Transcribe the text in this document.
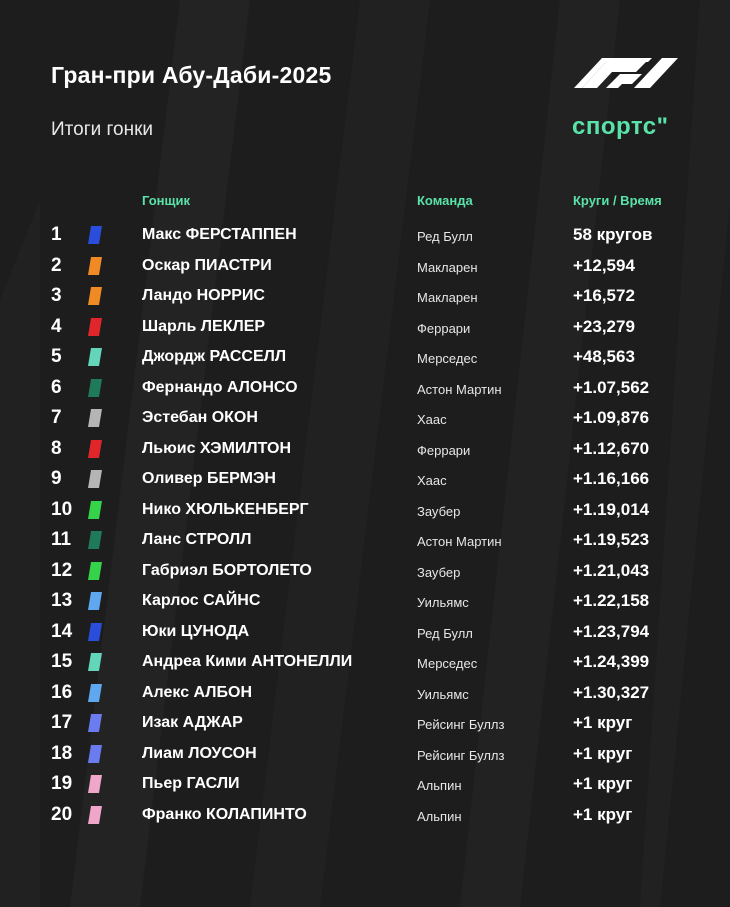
Гран-при Абу-Даби-2025
Итоги гонки	спортс"
Гонщик	Команда	Круги / Время
1	Макс ФЕРСТАППЕН	Ред Булл	58 кругов
2	Оскар ПИАСТРИ	Макларен	+12,594
3	Ландо НОРРИС	Макларен	+16,572
4	Шарль ЛЕКЛЕР	Феррари	+23,279
5	Джордж РАССЕЛЛ	Мерседес	+48,563
6	Фернандо АЛОНСО	Астон Мартин	+1.07,562
7	Эстебан ОКОН	Хаас	+1.09,876
8	Льюис ХЭМИЛТОН	Феррари	+1.12,670
9	Оливер БЕРМЭН	Хаас	+1.16,166
10	Нико ХЮЛЬКЕНБЕРГ	Заубер	+1.19,014
11	Ланс СТРОЛЛ	Астон Мартин	+1.19,523
12	Габриэл БОРТОЛЕТО	Заубер	+1.21,043
13	Карлос САЙНС	Уильямс	+1.22,158
14	Юки ЦУНОДА	Ред Булл	+1.23,794
15	Андреа Кими АНТОНЕЛЛИ	Мерседес	+1.24,399
16	Алекс АЛБОН	Уильямс	+1.30,327
17	Изак АДЖАР	Рейсинг Буллз	+1 круг
18	Лиам ЛОУСОН	Рейсинг Буллз	+1 круг
19	Пьер ГАСЛИ	Альпин	+1 круг
20	Франко КОЛАПИНТО	Альпин	+1 круг
